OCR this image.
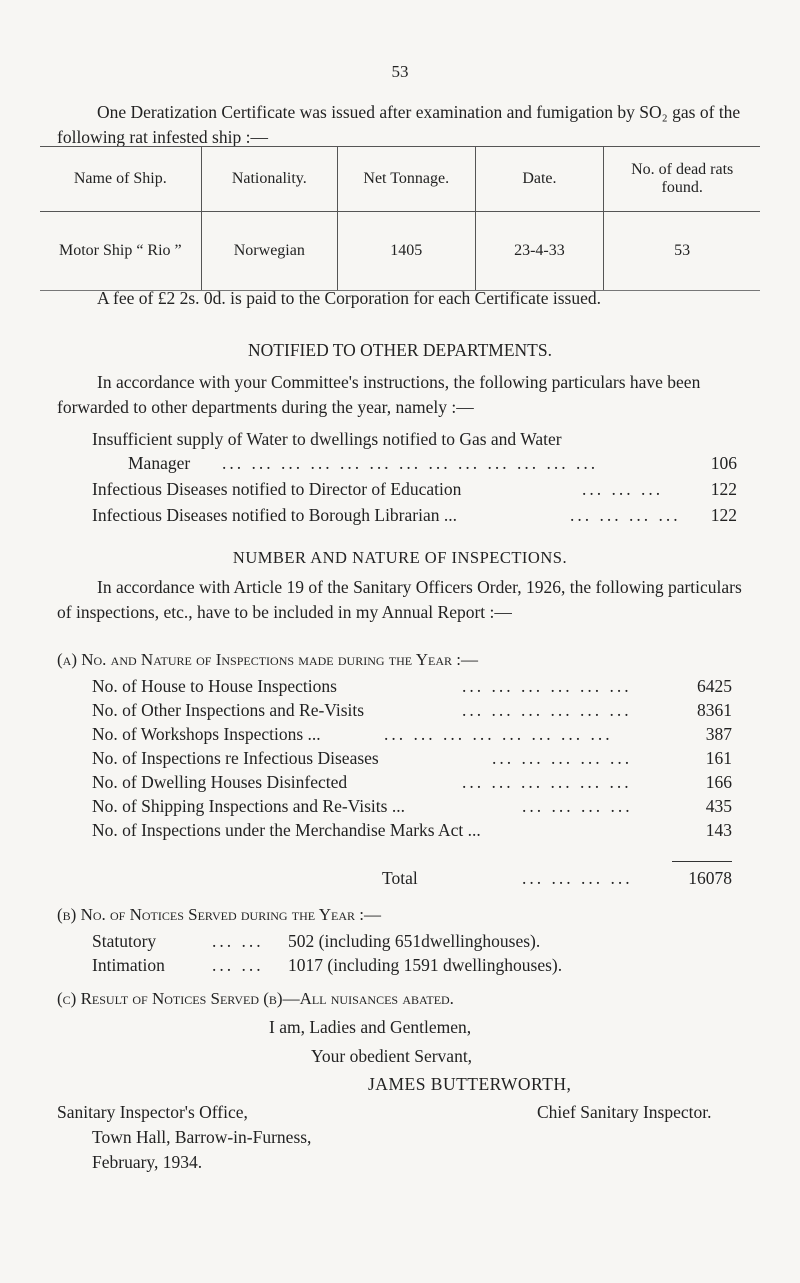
53
One Deratization Certificate was issued after examination and fumigation by SO₂ gas of the following rat infested ship :—
Name of Ship.	Nationality.	Net Tonnage.	Date.	No. of dead rats found.
Motor Ship “ Rio ”	Norwegian	1405	23-4-33	53
A fee of £2 2s. 0d. is paid to the Corporation for each Certificate issued.
NOTIFIED TO OTHER DEPARTMENTS.
In accordance with your Committee's instructions, the following particulars have been forwarded to other departments during the year, namely :—
Insufficient supply of Water to dwellings notified to Gas and Water
Manager ... ... ... ... ... ... ... ... ... ... ... ... ...	106
Infectious Diseases notified to Director of Education	... ... ...	122
Infectious Diseases notified to Borough Librarian ...	... ... ... ... 122
NUMBER AND NATURE OF INSPECTIONS.
In accordance with Article 19 of the Sanitary Officers Order, 1926, the following particulars of inspections, etc., have to be included in my Annual Report :—
(a) No. and Nature of Inspections made during the Year :—
No. of House to House Inspections	... ... ... ... ... ...	6425
No. of Other Inspections and Re-Visits	... ... ... ... ... ...	8361
No. of Workshops Inspections ...	... ... ... ... ... ... ... ...	387
No. of Inspections re Infectious Diseases	... ... ... ... ...	161
No. of Dwelling Houses Disinfected	... ... ... ... ... ...	166
No. of Shipping Inspections and Re-Visits ...	... ... ... ...	435
No. of Inspections under the Merchandise Marks Act ...	143
Total	... ... ... ...	16078
(b) No. of Notices Served during the Year :—
Statutory	... ... 502 (including 651dwellinghouses).
Intimation	... ... 1017 (including 1591 dwellinghouses).
(c) Result of Notices Served (b)—All nuisances abated.
I am, Ladies and Gentlemen,
Your obedient Servant,
JAMES BUTTERWORTH,
Sanitary Inspector's Office,	Chief Sanitary Inspector.
Town Hall, Barrow-in-Furness,
February, 1934.
